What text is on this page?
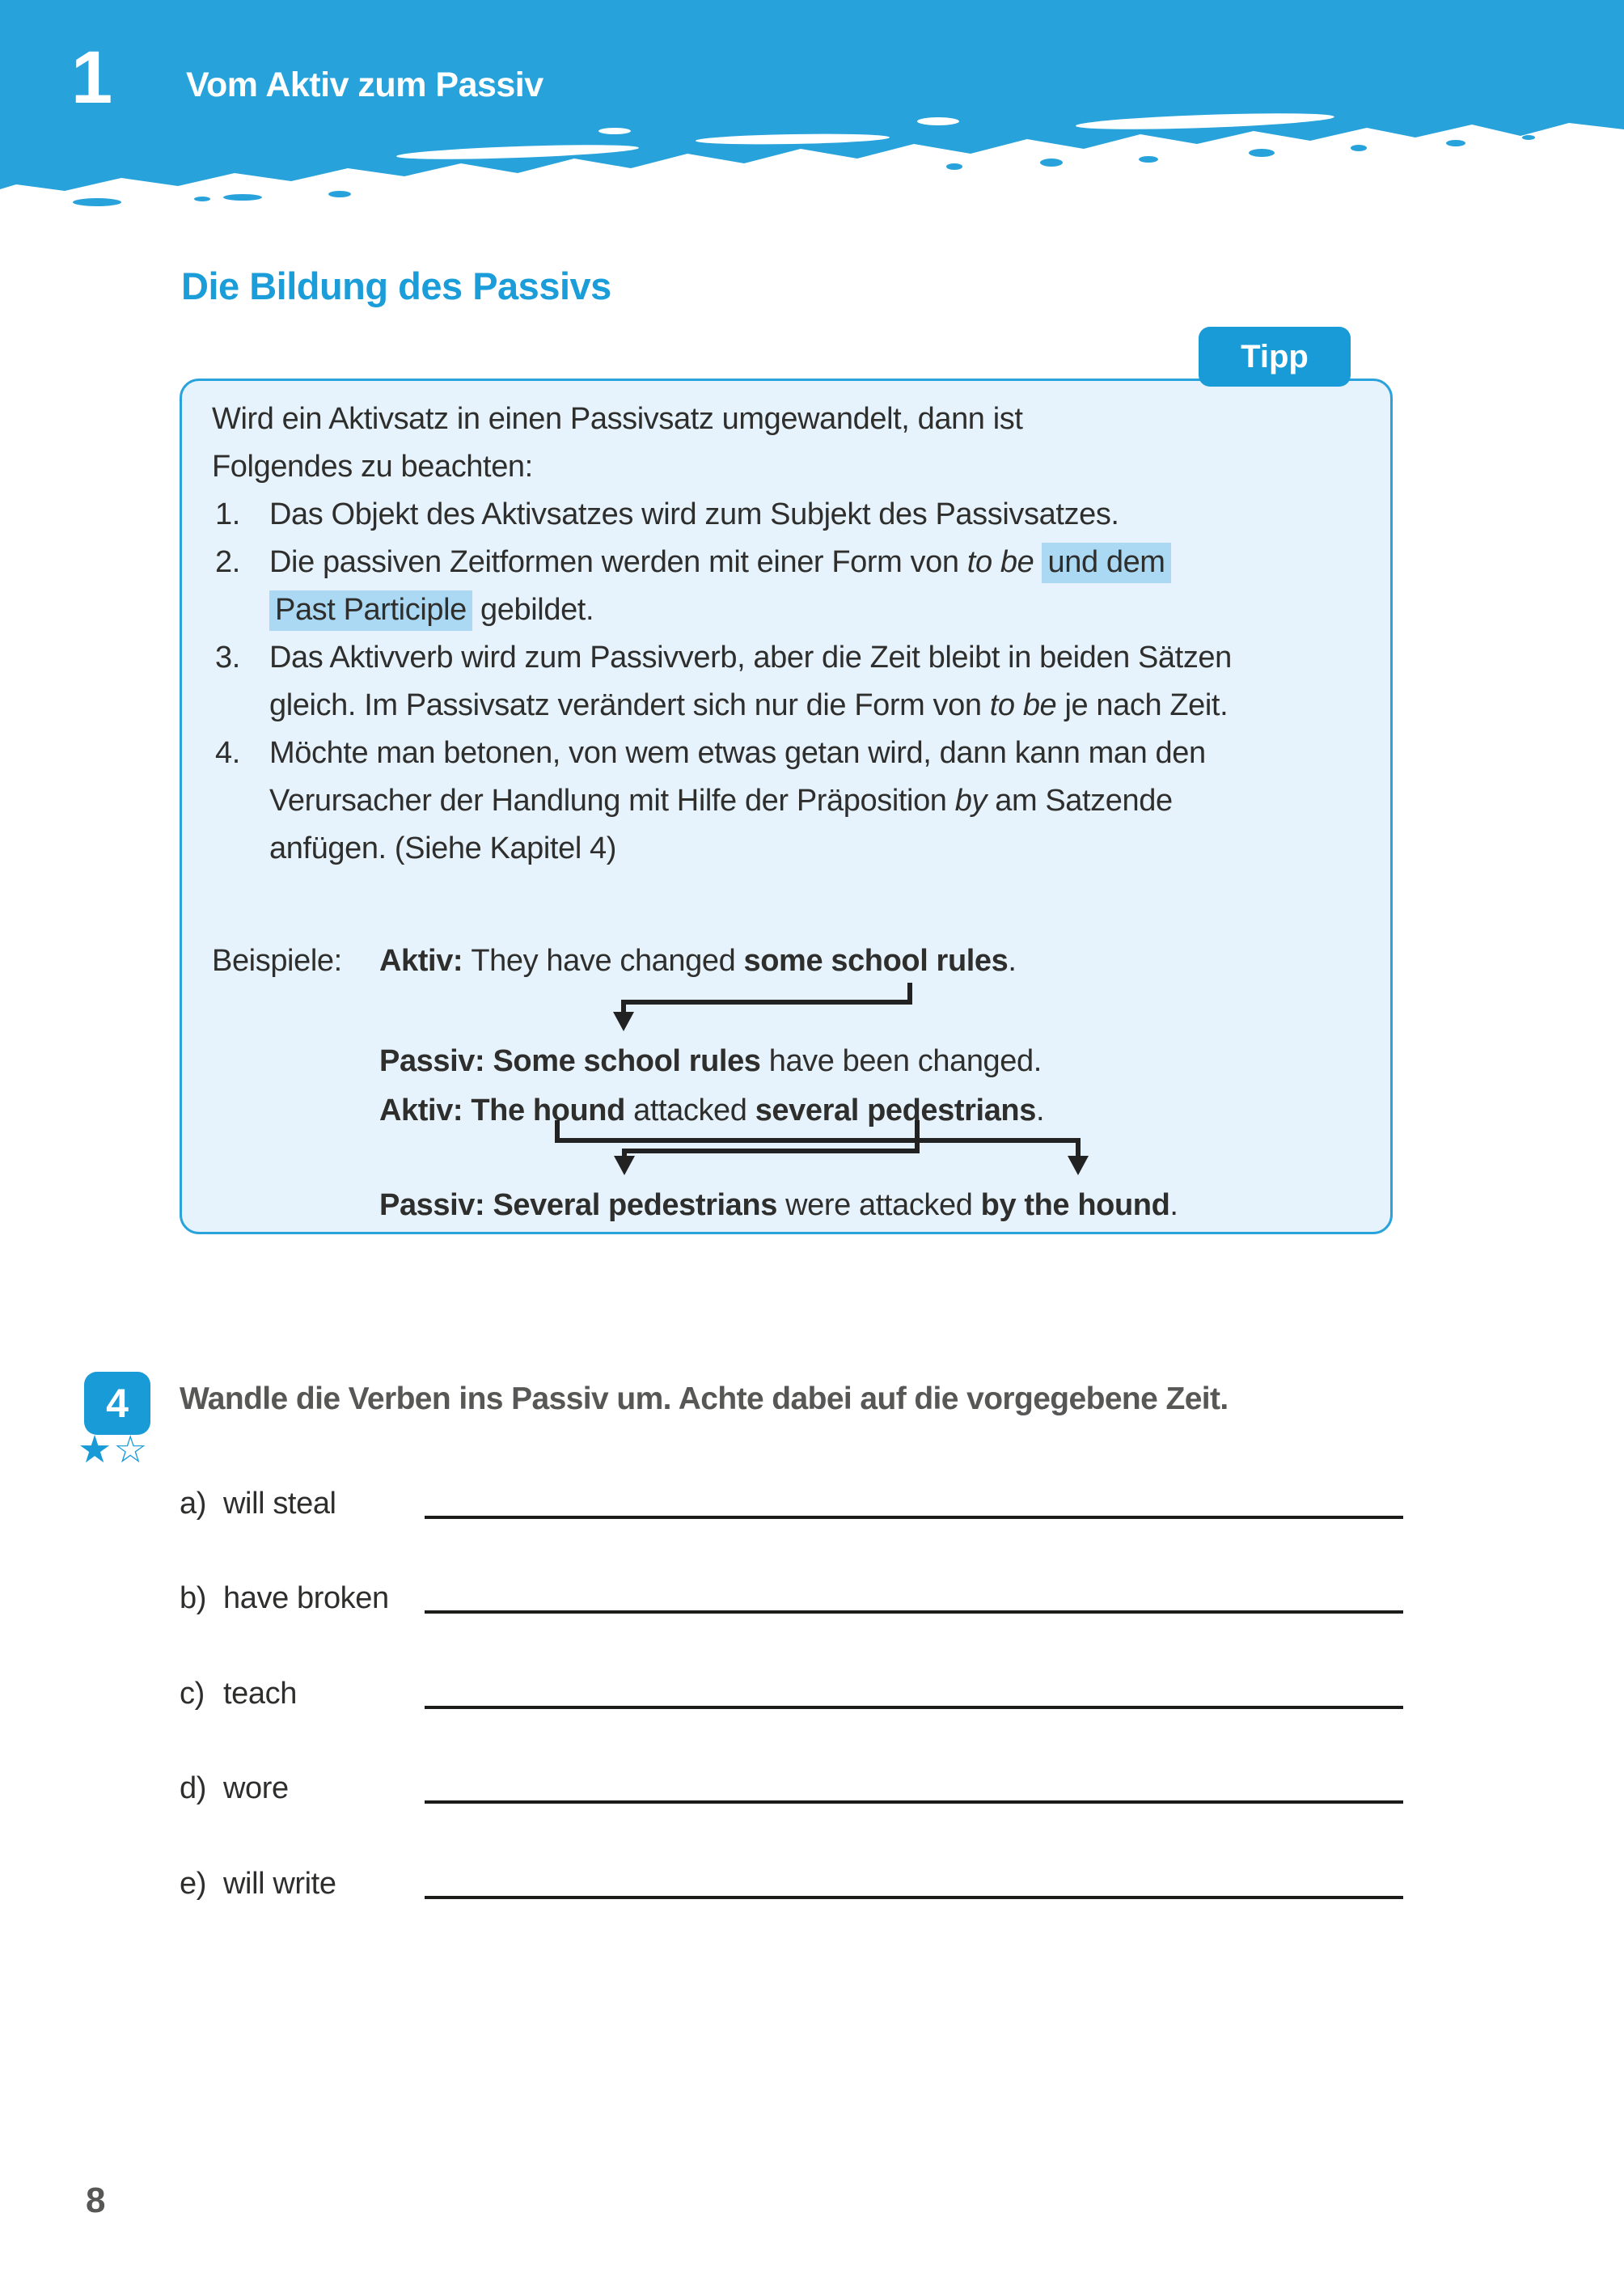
1 Vom Aktiv zum Passiv
Die Bildung des Passivs
Tipp
Wird ein Aktivsatz in einen Passivsatz umgewandelt, dann ist
Folgendes zu beachten:
1. Das Objekt des Aktivsatzes wird zum Subjekt des Passivsatzes.
2. Die passiven Zeitformen werden mit einer Form von to be und dem
Past Participle gebildet.
3. Das Aktivverb wird zum Passivverb, aber die Zeit bleibt in beiden Sätzen
gleich. Im Passivsatz verändert sich nur die Form von to be je nach Zeit.
4. Möchte man betonen, von wem etwas getan wird, dann kann man den
Verursacher der Handlung mit Hilfe der Präposition by am Satzende
anfügen. (Siehe Kapitel 4)
Beispiele: Aktiv: They have changed some school rules.
Passiv: Some school rules have been changed.
Aktiv: The hound attacked several pedestrians.
Passiv: Several pedestrians were attacked by the hound.
4
★☆
Wandle die Verben ins Passiv um. Achte dabei auf die vorgegebene Zeit.
a) will steal
b) have broken
c) teach
d) wore
e) will write
8
